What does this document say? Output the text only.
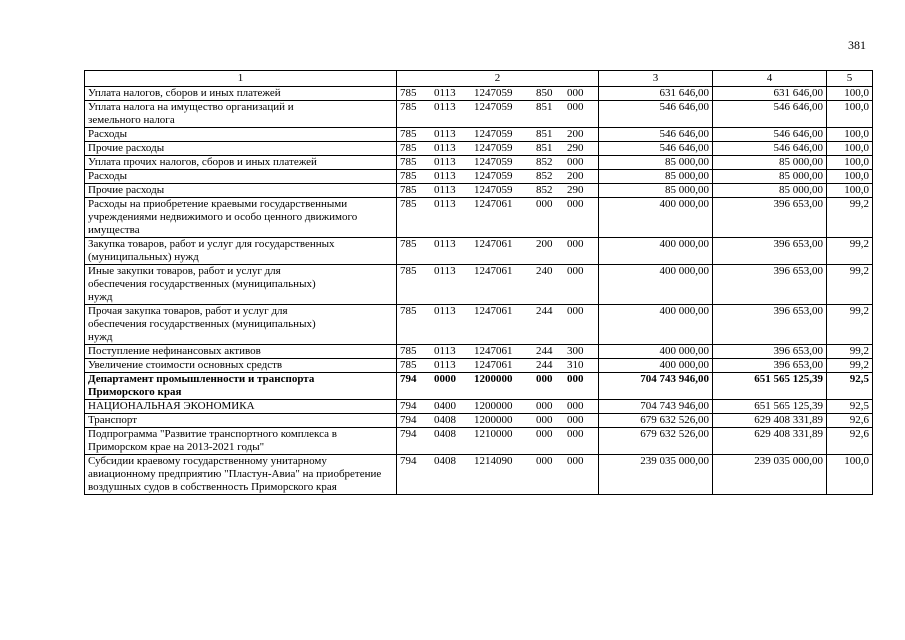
381
1	2	3	4	5

Уплата налогов, сборов и иных платежей	785 0113 1247059 850 000	631 646,00	631 646,00	100,0

Уплата налога на имущество организаций и земельного налога	785 0113 1247059 851 000	546 646,00	546 646,00	100,0

Расходы	785 0113 1247059 851 200	546 646,00	546 646,00	100,0

Прочие расходы	785 0113 1247059 851 290	546 646,00	546 646,00	100,0

Уплата прочих налогов, сборов и иных платежей	785 0113 1247059 852 000	85 000,00	85 000,00	100,0

Расходы	785 0113 1247059 852 200	85 000,00	85 000,00	100,0

Прочие расходы	785 0113 1247059 852 290	85 000,00	85 000,00	100,0

Расходы на приобретение краевыми государственными учреждениями недвижимого и особо ценного движимого имущества	785 0113 1247061 000 000	400 000,00	396 653,00	99,2

Закупка товаров, работ и услуг для государственных (муниципальных) нужд	785 0113 1247061 200 000	400 000,00	396 653,00	99,2

Иные закупки товаров, работ и услуг для обеспечения государственных (муниципальных) нужд	785 0113 1247061 240 000	400 000,00	396 653,00	99,2

Прочая закупка товаров, работ и услуг для обеспечения государственных (муниципальных) нужд	785 0113 1247061 244 000	400 000,00	396 653,00	99,2

Поступление нефинансовых активов	785 0113 1247061 244 300	400 000,00	396 653,00	99,2

Увеличение стоимости основных средств	785 0113 1247061 244 310	400 000,00	396 653,00	99,2

Департамент промышленности и транспорта Приморского края	794 0000 1200000 000 000	704 743 946,00	651 565 125,39	92,5

НАЦИОНАЛЬНАЯ ЭКОНОМИКА	794 0400 1200000 000 000	704 743 946,00	651 565 125,39	92,5

Транспорт	794 0408 1200000 000 000	679 632 526,00	629 408 331,89	92,6

Подпрограмма "Развитие транспортного комплекса в Приморском крае на 2013-2021 годы"	794 0408 1210000 000 000	679 632 526,00	629 408 331,89	92,6

Субсидии краевому государственному унитарному авиационному предприятию "Пластун-Авиа" на приобретение воздушных судов в собственность Приморского края	794 0408 1214090 000 000	239 035 000,00	239 035 000,00	100,0
